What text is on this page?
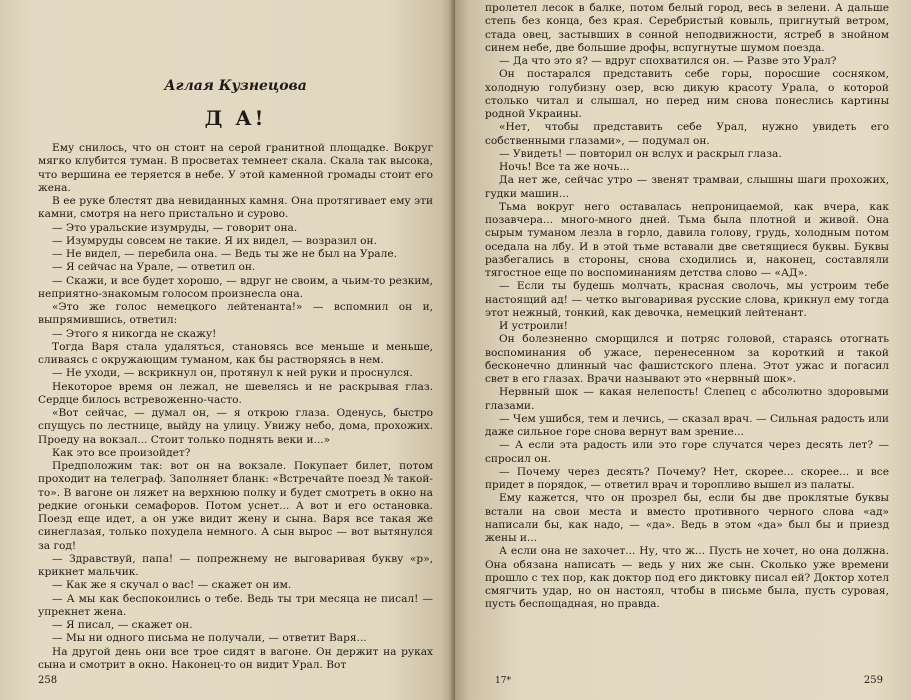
Аглая Кузнецова
Д А!

Ему снилось, что он стоит на серой гранитной площадке. Вокруг мягко клубится туман. В просветах темнеет скала. Скала так высока, что вершина ее теряется в небе. У этой каменной громады стоит его жена.

В ее руке блестят два невиданных камня. Она протягивает ему эти камни, смотря на него пристально и сурово.

— Это уральские изумруды, — говорит она.

— Изумруды совсем не такие. Я их видел, — возразил он.

— Не видел, — перебила она. — Ведь ты же не был на Урале.

— Я сейчас на Урале, — ответил он.

— Скажи, и все будет хорошо, — вдруг не своим, а чьим-то резким, неприятно-знакомым голосом произнесла она.

«Это же голос немецкого лейтенанта!» — вспомнил он и, выпрямившись, ответил:

— Этого я никогда не скажу!

Тогда Варя стала удаляться, становясь все меньше и меньше, сливаясь с окружающим туманом, как бы растворяясь в нем.

— Не уходи, — вскрикнул он, протянул к ней руки и проснулся.

Некоторое время он лежал, не шевелясь и не раскрывая глаз. Сердце билось встревоженно-часто.

«Вот сейчас, — думал он, — я открою глаза. Оденусь, быстро спущусь по лестнице, выйду на улицу. Увижу небо, дома, прохожих. Проеду на вокзал... Стоит только поднять веки и...»

Как это все произойдет?

Предположим так: вот он на вокзале. Покупает билет, потом проходит на телеграф. Заполняет бланк: «Встречайте поезд № такой-то». В вагоне он ляжет на верхнюю полку и будет смотреть в окно на редкие огоньки семафоров. Потом уснет... А вот и его остановка. Поезд еще идет, а он уже видит жену и сына. Варя все такая же синеглазая, только похудела немного. А сын вырос — вот вытянулся за год!

— Здравствуй, папа! — попрежнему не выговаривая букву «р», крикнет мальчик.

— Как же я скучал о вас! — скажет он им.

— А мы как беспокоились о тебе. Ведь ты три месяца не писал! — упрекнет жена.

— Я писал, — скажет он.

— Мы ни одного письма не получали, — ответит Варя...

На другой день они все трое сидят в вагоне. Он держит на руках сына и смотрит в окно. Наконец-то он видит Урал. Вот

258

пролетел лесок в балке, потом белый город, весь в зелени. А дальше степь без конца, без края. Серебристый ковыль, пригнутый ветром, стада овец, застывших в сонной неподвижности, ястреб в знойном синем небе, две большие дрофы, вспугнутые шумом поезда.

— Да что это я? — вдруг спохватился он. — Разве это Урал?

Он постарался представить себе горы, поросшие сосняком, холодную голубизну озер, всю дикую красоту Урала, о которой столько читал и слышал, но перед ним снова понеслись картины родной Украины.

«Нет, чтобы представить себе Урал, нужно увидеть его собственными глазами», — подумал он.

— Увидеть! — повторил он вслух и раскрыл глаза.

Ночь! Все та же ночь...

Да нет же, сейчас утро — звенят трамваи, слышны шаги прохожих, гудки машин...

Тьма вокруг него оставалась непроницаемой, как вчера, как позавчера... много-много дней. Тьма была плотной и живой. Она сырым туманом лезла в горло, давила голову, грудь, холодным потом оседала на лбу. И в этой тьме вставали две светящиеся буквы. Буквы разбегались в стороны, снова сходились и, наконец, составляли тягостное еще по воспоминаниям детства слово — «АД».

— Если ты будешь молчать, красная сволочь, мы устроим тебе настоящий ад! — четко выговаривая русские слова, крикнул ему тогда этот нежный, тонкий, как девочка, немецкий лейтенант.

И устроили!

Он болезненно сморщился и потряс головой, стараясь отогнать воспоминания об ужасе, перенесенном за короткий и такой бесконечно длинный час фашистского плена. Этот ужас и погасил свет в его глазах. Врачи называют это «нервный шок».

Нервный шок — какая нелепость! Слепец с абсолютно здоровыми глазами.

— Чем ушибся, тем и лечись, — сказал врач. — Сильная радость или даже сильное горе снова вернут вам зрение...

— А если эта радость или это горе случатся через десять лет? — спросил он.

— Почему через десять? Почему? Нет, скорее... скорее... и все придет в порядок, — ответил врач и торопливо вышел из палаты.

Ему кажется, что он прозрел бы, если бы две проклятые буквы встали на свои места и вместо противного черного слова «ад» написали бы, как надо, — «да». Ведь в этом «да» был бы и приезд жены и...

А если она не захочет... Ну, что ж... Пусть не хочет, но она должна. Она обязана написать — ведь у них же сын. Сколько уже времени прошло с тех пор, как доктор под его диктовку писал ей? Доктор хотел смягчить удар, но он настоял, чтобы в письме была, пусть суровая, пусть беспощадная, но правда.

17*	259
